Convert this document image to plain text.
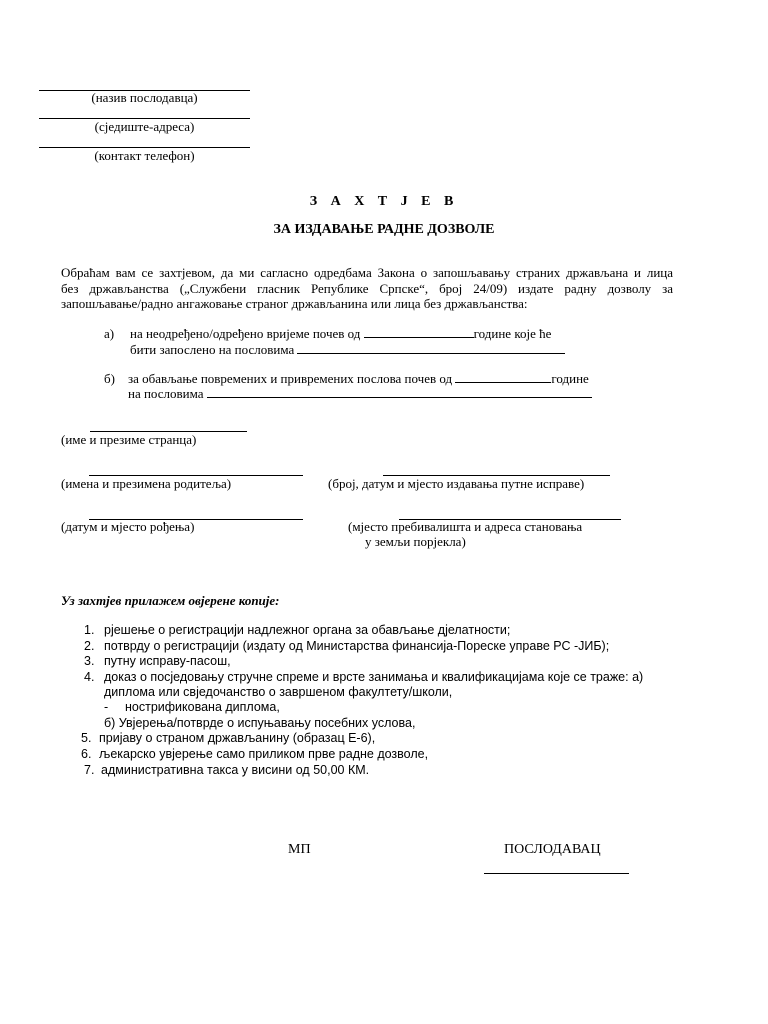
(назив послодавца)
(сједиште-адреса)
(контакт телефон)
З А Х Т Ј Е В
ЗА ИЗДАВАЊЕ РАДНЕ ДОЗВОЛЕ
Обраћам вам се захтјевом, да ми сагласно одредбама Закона о запошљавању страних држављана и лица
без држављанства („Службени гласник Републике Српске“, број 24/09) издате радну дозволу за
запошљавање/радно ангажовање страног држављанина или лица без држављанства:
а) на неодређено/одређено вријеме почев од	године које ће
бити запослено на пословима
б) за обављање повремених и привремених послова почев од	године
на пословима
(име и презиме странца)
(имена и презимена родитеља)	(број, датум и мјесто издавања путне исправе)
(датум и мјесто рођења)	(мјесто пребивалишта и адреса становања
у земљи порјекла)
Уз захтјев прилажем овјерене копије:
1. рјешење о регистрацији надлежног органа за обављање дјелатности;
2. потврду о регистрацији (издату од Министарства финансија-Пореске управе РС -ЈИБ);
3. путну исправу-пасош,
4. доказ о посједовању стручне спреме и врсте занимања и квалификацијама које се траже: а)
диплома или свједочанство о завршеном факултету/школи,
- нострификована диплома,
б) Увјерења/потврде о испуњавању посебних услова,
5. пријаву о страном држављанину (образац Е-6),
6. љекарско увјерење само приликом прве радне дозволе,
7. административна такса у висини од 50,00 КМ.
МП	ПОСЛОДАВАЦ
